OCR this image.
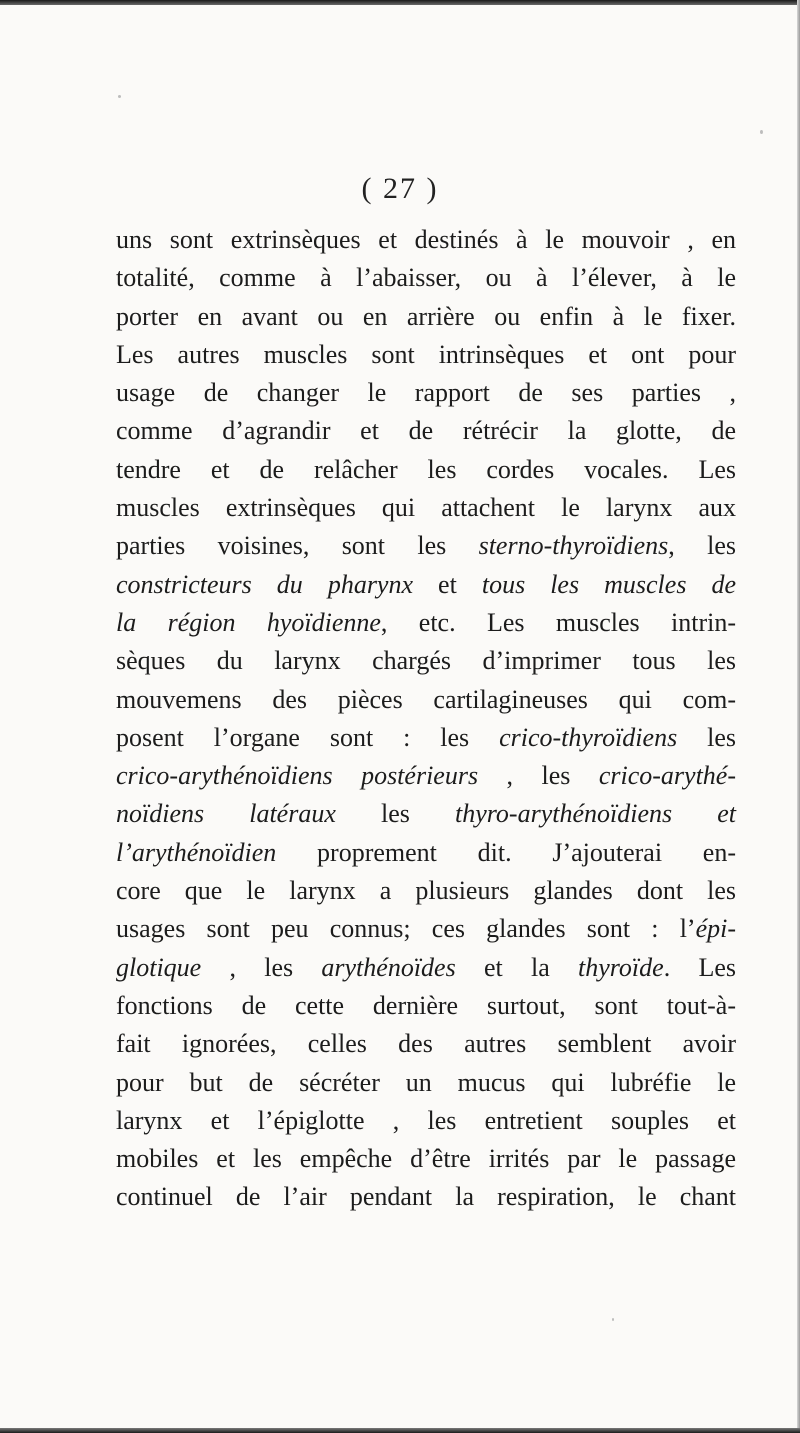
( 27 )
uns sont extrinsèques et destinés à le mouvoir , en
totalité, comme à l’abaisser, ou à l’élever, à le
porter en avant ou en arrière ou enfin à le fixer.
Les autres muscles sont intrinsèques et ont pour
usage de changer le rapport de ses parties ,
comme d’agrandir et de rétrécir la glotte, de
tendre et de relâcher les cordes vocales. Les
muscles extrinsèques qui attachent le larynx aux
parties voisines, sont les sterno-thyroïdiens, les
constricteurs du pharynx et tous les muscles de
la région hyoïdienne, etc. Les muscles intrin-
sèques du larynx chargés d’imprimer tous les
mouvemens des pièces cartilagineuses qui com-
posent l’organe sont : les crico-thyroïdiens les
crico-arythénoïdiens postérieurs , les crico-arythé-
noïdiens latéraux les thyro-arythénoïdiens et
l’arythénoïdien proprement dit. J’ajouterai en-
core que le larynx a plusieurs glandes dont les
usages sont peu connus; ces glandes sont : l’épi-
glotique , les arythénoïdes et la thyroïde. Les
fonctions de cette dernière surtout, sont tout-à-
fait ignorées, celles des autres semblent avoir
pour but de sécréter un mucus qui lubréfie le
larynx et l’épiglotte , les entretient souples et
mobiles et les empêche d’être irrités par le passage
continuel de l’air pendant la respiration, le chant
